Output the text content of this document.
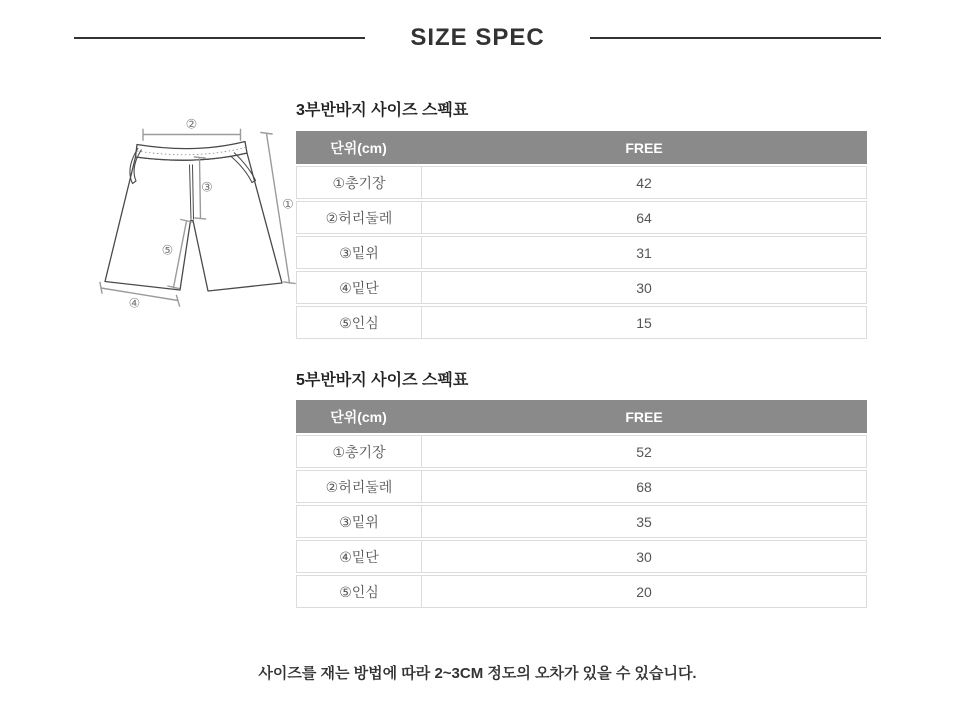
SIZE SPEC
②
①
③
⑤
④
3부반바지 사이즈 스펙표
단위(cm)	FREE
①총기장	42
②허리둘레	64
③밑위	31
④밑단	30
⑤인심	15
5부반바지 사이즈 스펙표
단위(cm)	FREE
①총기장	52
②허리둘레	68
③밑위	35
④밑단	30
⑤인심	20
사이즈를 재는 방법에 따라 2~3CM 정도의 오차가 있을 수 있습니다.
